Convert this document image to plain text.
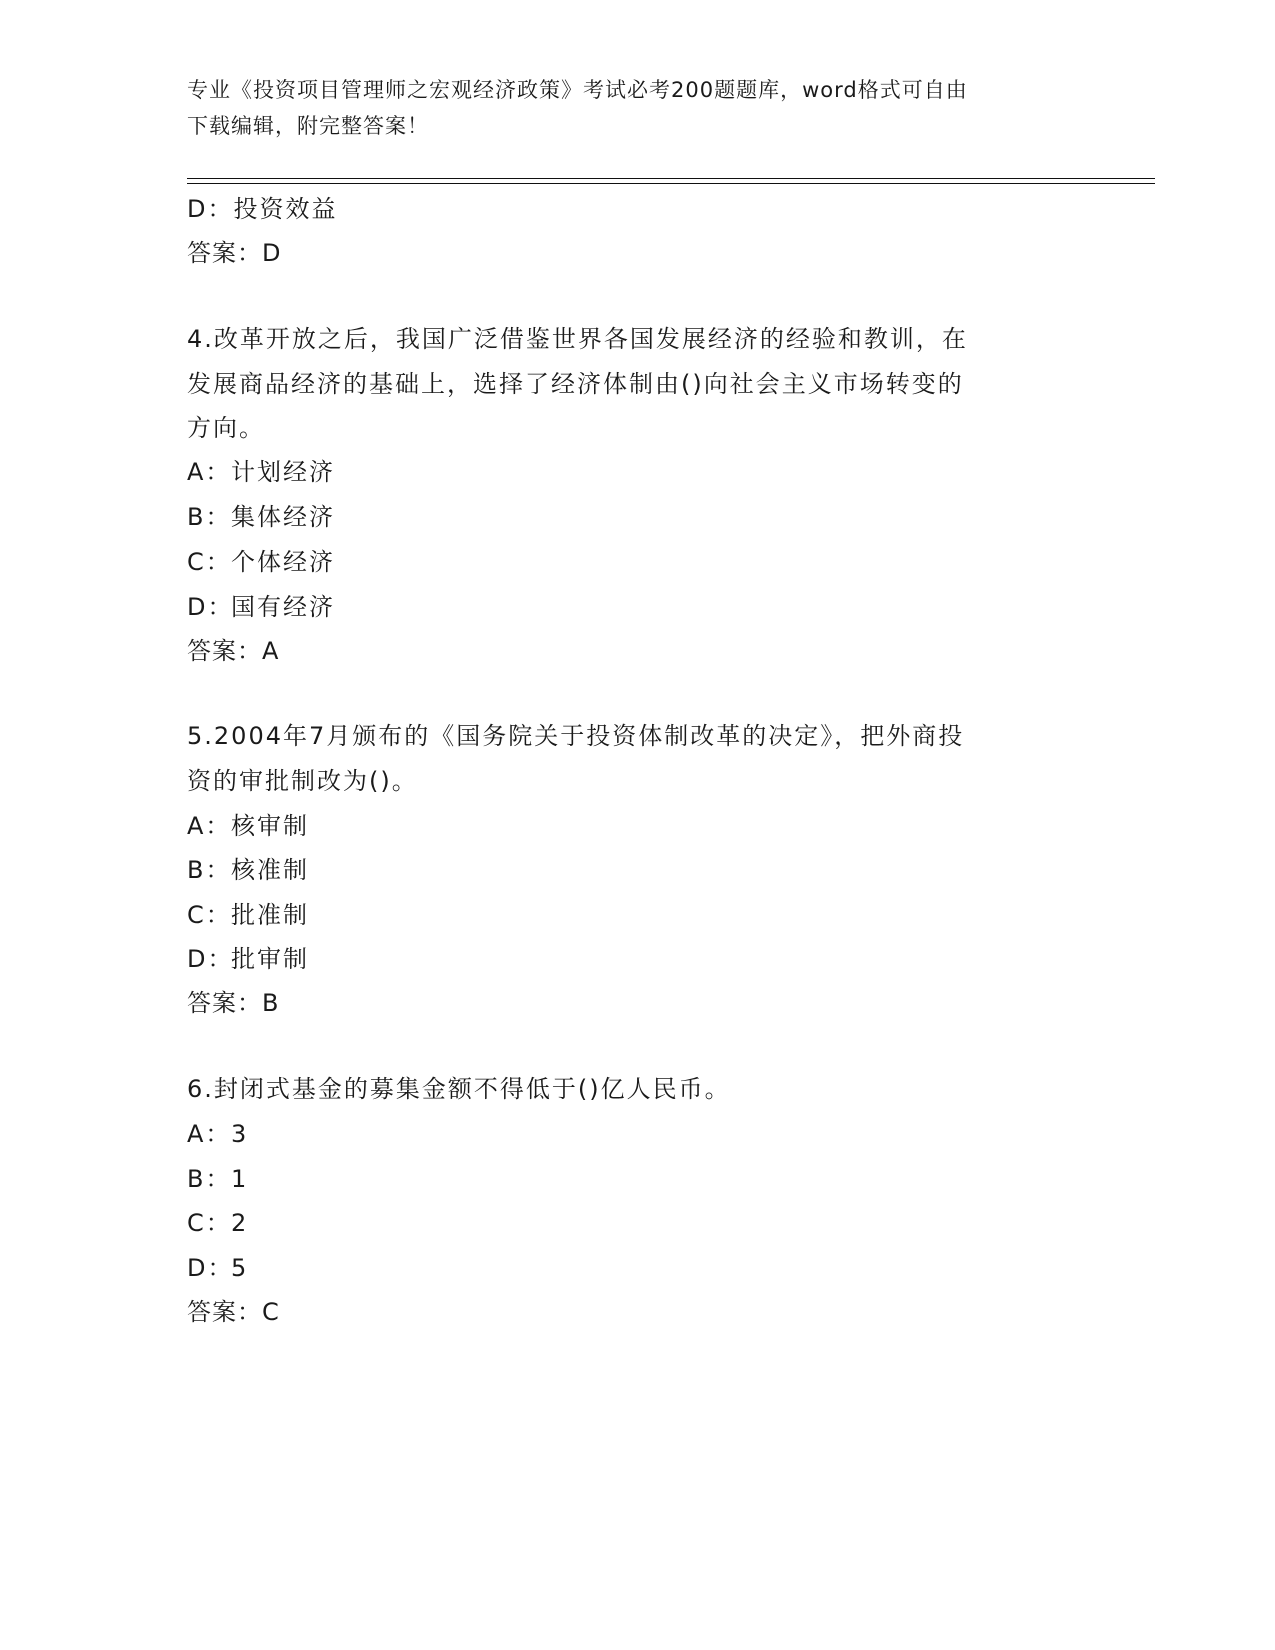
专业《投资项目管理师之宏观经济政策》考试必考200题题库，word格式可自由
下载编辑，附完整答案！
D：投资效益
答案：D
4.改革开放之后，我国广泛借鉴世界各国发展经济的经验和教训，在
发展商品经济的基础上，选择了经济体制由()向社会主义市场转变的
方向。
A：计划经济
B：集体经济
C：个体经济
D：国有经济
答案：A
5.2004年7月颁布的《国务院关于投资体制改革的决定》，把外商投
资的审批制改为()。
A：核审制
B：核准制
C：批准制
D：批审制
答案：B
6.封闭式基金的募集金额不得低于()亿人民币。
A：3
B：1
C：2
D：5
答案：C
